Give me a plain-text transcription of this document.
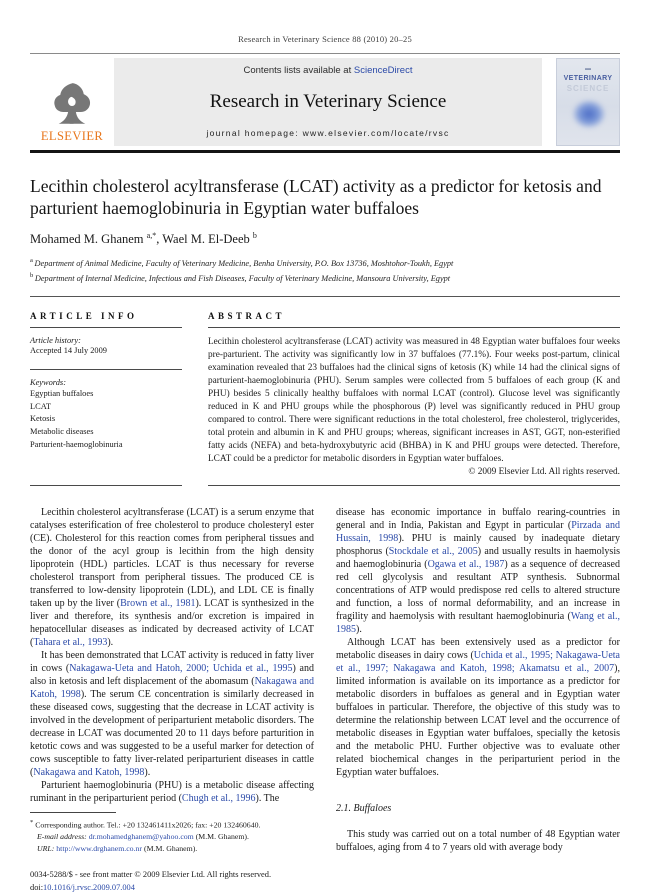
Research in Veterinary Science 88 (2010) 20–25
ELSEVIER
Contents lists available at ScienceDirect
Research in Veterinary Science
journal homepage: www.elsevier.com/locate/rvsc
▬
VETERINARY
SCIENCE
Lecithin cholesterol acyltransferase (LCAT) activity as a predictor for ketosis and parturient haemoglobinuria in Egyptian water buffaloes
Mohamed M. Ghanem $^{a,*}$, Wael M. El-Deeb $^b$
$^a$ Department of Animal Medicine, Faculty of Veterinary Medicine, Benha University, P.O. Box 13736, Moshtohor-Toukh, Egypt
$^b$ Department of Internal Medicine, Infectious and Fish Diseases, Faculty of Veterinary Medicine, Mansoura University, Egypt
ARTICLE INFO
Article history:
Accepted 14 July 2009
Keywords:
Egyptian buffaloes
LCAT
Ketosis
Metabolic diseases
Parturient-haemoglobinuria
ABSTRACT
Lecithin cholesterol acyltransferase (LCAT) activity was measured in 48 Egyptian water buffaloes four weeks pre-parturient. The activity was significantly low in 37 buffaloes (77.1%). Four weeks post-partum, clinical examination revealed that 23 buffaloes had the clinical signs of ketosis (K) while 14 had the clinical signs of parturient-haemoglobinuria (PHU). Serum samples were collected from 5 buffaloes of each group (K and PHU) besides 5 clinically healthy buffaloes with normal LCAT (control). Glucose level was significantly reduced in K and PHU groups while the phosphorous (P) level was significantly reduced in PHU group compared to control. There were significant reductions in the total cholesterol, free cholesterol, triglycerides, total protein and albumin in K and PHU groups; whereas, significant increases in AST, GGT, non-esterified fatty acids (NEFA) and beta-hydroxybutyric acid (BHBA) in K and PHU groups were detected. Therefore, LCAT could be a predictor for metabolic disorders in Egyptian water buffaloes.
© 2009 Elsevier Ltd. All rights reserved.

Lecithin cholesterol acyltransferase (LCAT) is a serum enzyme that catalyses esterification of free cholesterol to produce cholesteryl ester (CE). Cholesterol for this reaction comes from peripheral tissues and the donor of the acyl group is lecithin from the high density lipoprotein (HDL) particles. LCAT is thus necessary for reverse cholesterol transport from peripheral tissues. The produced CE is transferred to low-density lipoprotein (LDL), and LDL CE is finally taken up by the liver (Brown et al., 1981). LCAT is synthesized in the liver and therefore, its synthesis and/or excretion is impaired in hepatocellular diseases as indicated by decreased activity of LCAT (Tahara et al., 1993).

It has been demonstrated that LCAT activity is reduced in fatty liver in cows (Nakagawa-Ueta and Hatoh, 2000; Uchida et al., 1995) and also in ketosis and left displacement of the abomasum (Nakagawa and Katoh, 1998). The serum CE concentration is similarly decreased in these diseased cows, suggesting that the decrease in LCAT activity is involved in the development of periparturient metabolic disorders. The decrease in LCAT was documented 20 to 11 days before parturition in ketotic cows and was suggested to be a useful marker for detection of cows susceptible to fatty liver-related periparturient diseases in cattle (Nakagawa and Katoh, 1998).

Parturient haemoglobinuria (PHU) is a metabolic disease affecting ruminant in the periparturient period (Chugh et al., 1996). The

* Corresponding author. Tel.: +20 132461411x2026; fax: +20 132460640.
E-mail address: dr.mohamedghanem@yahoo.com (M.M. Ghanem).
URL: http://www.drghanem.co.nr (M.M. Ghanem).

disease has economic importance in buffalo rearing-countries in general and in India, Pakistan and Egypt in particular (Pirzada and Hussain, 1998). PHU is mainly caused by inadequate dietary phosphorus (Stockdale et al., 2005) and usually results in haemolysis and haemoglobinuria (Ogawa et al., 1987) as a sequence of decreased red cell glycolysis and resultant ATP synthesis. Subnormal concentrations of ATP would predispose red cells to altered structure and function, a loss of normal deformability, and an increase in fragility and haemolysis with resultant haemoglobinuria (Wang et al., 1985).

Although LCAT has been extensively used as a predictor for metabolic diseases in dairy cows (Uchida et al., 1995; Nakagawa-Ueta et al., 1997; Nakagawa and Katoh, 1998; Akamatsu et al., 2007), limited information is available on its importance as a predictor for metabolic disorders in buffaloes as general and in Egyptian water buffaloes in particular. Therefore, the objective of this study was to determine the relationship between LCAT level and the occurrence of metabolic diseases in Egyptian water buffaloes, specially the ketosis and the metabolic PHU. Further objective was to evaluate other related biochemical changes in the periparturient period in the Egyptian water buffaloes.

2.1. Buffaloes

This study was carried out on a total number of 48 Egyptian water buffaloes, aging from 4 to 7 years old with average body

0034-5288/$ - see front matter © 2009 Elsevier Ltd. All rights reserved.
doi:10.1016/j.rvsc.2009.07.004
